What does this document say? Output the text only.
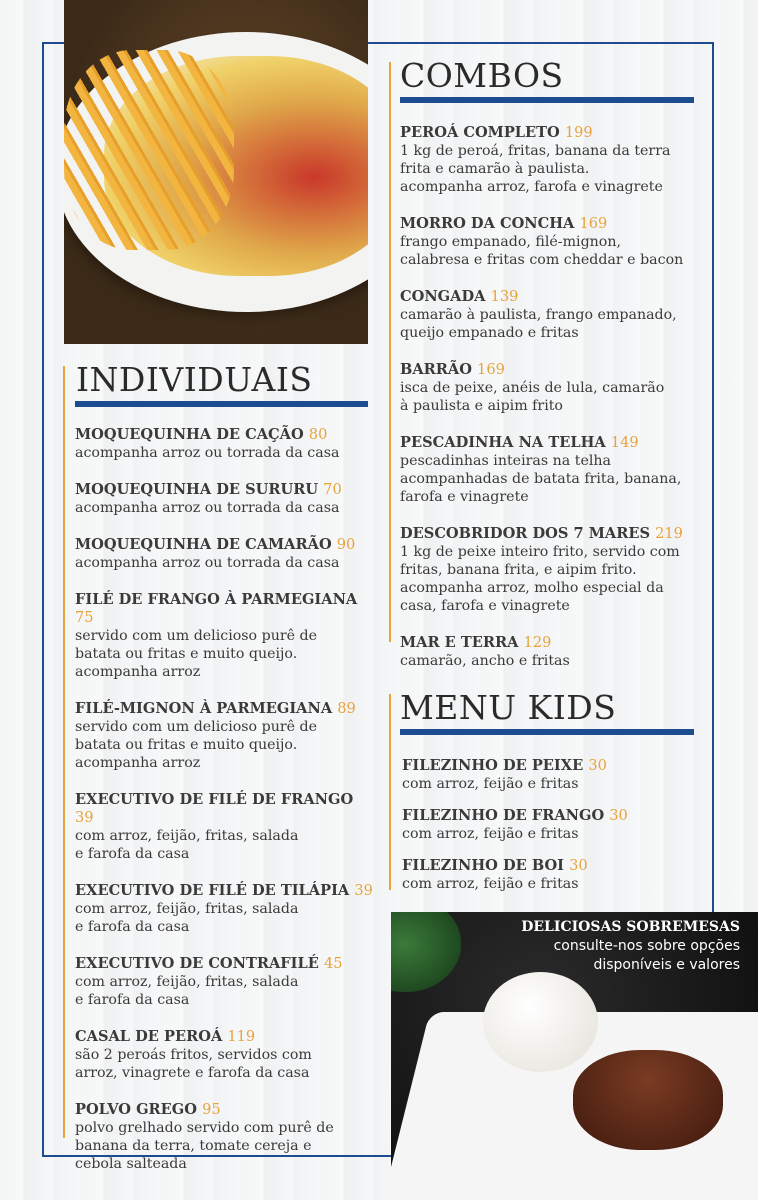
INDIVIDUAIS
MOQUEQUINHA DE CAÇÃO 80
acompanha arroz ou torrada da casa
MOQUEQUINHA DE SURURU 70
acompanha arroz ou torrada da casa
MOQUEQUINHA DE CAMARÃO 90
acompanha arroz ou torrada da casa
FILÉ DE FRANGO À PARMEGIANA 75
servido com um delicioso purê de
batata ou fritas e muito queijo.
acompanha arroz
FILÉ-MIGNON À PARMEGIANA 89
servido com um delicioso purê de
batata ou fritas e muito queijo.
acompanha arroz
EXECUTIVO DE FILÉ DE FRANGO 39
com arroz, feijão, fritas, salada
e farofa da casa
EXECUTIVO DE FILÉ DE TILÁPIA 39
com arroz, feijão, fritas, salada
e farofa da casa
EXECUTIVO DE CONTRAFILÉ 45
com arroz, feijão, fritas, salada
e farofa da casa
CASAL DE PEROÁ 119
são 2 peroás fritos, servidos com
arroz, vinagrete e farofa da casa
POLVO GREGO 95
polvo grelhado servido com purê de
banana da terra, tomate cereja e
cebola salteada
COMBOS
PEROÁ COMPLETO 199
1 kg de peroá, fritas, banana da terra
frita e camarão à paulista.
acompanha arroz, farofa e vinagrete
MORRO DA CONCHA 169
frango empanado, filé-mignon,
calabresa e fritas com cheddar e bacon
CONGADA 139
camarão à paulista, frango empanado,
queijo empanado e fritas
BARRÃO 169
isca de peixe, anéis de lula, camarão
à paulista e aipim frito
PESCADINHA NA TELHA 149
pescadinhas inteiras na telha
acompanhadas de batata frita, banana,
farofa e vinagrete
DESCOBRIDOR DOS 7 MARES 219
1 kg de peixe inteiro frito, servido com
fritas, banana frita, e aipim frito.
acompanha arroz, molho especial da
casa, farofa e vinagrete
MAR E TERRA 129
camarão, ancho e fritas
MENU KIDS
FILEZINHO DE PEIXE 30
com arroz, feijão e fritas
FILEZINHO DE FRANGO 30
com arroz, feijão e fritas
FILEZINHO DE BOI 30
com arroz, feijão e fritas
DELICIOSAS SOBREMESAS
consulte-nos sobre opções
disponíveis e valores
